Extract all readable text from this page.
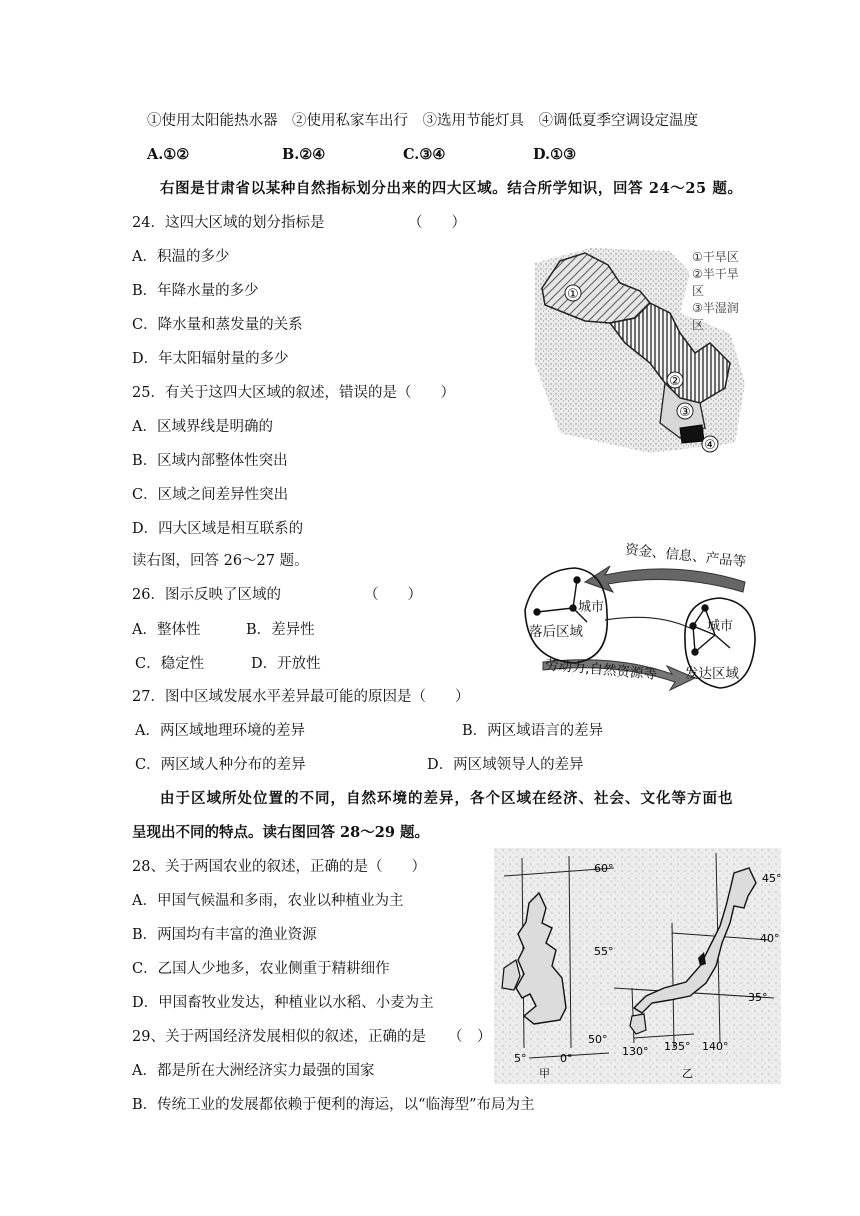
①使用太阳能热水器　②使用私家车出行　③选用节能灯具　④调低夏季空调设定温度
A.①②	B.②④	C.③④	D.①③
右图是甘肃省以某种自然指标划分出来的四大区域。结合所学知识，回答 24～25 题。
24．这四大区域的划分指标是	（　　）
A．积温的多少
B．年降水量的多少
C．降水量和蒸发量的关系
D．年太阳辐射量的多少
25．有关于这四大区域的叙述，错误的是（　　）
A．区域界线是明确的
B．区域内部整体性突出
C．区域之间差异性突出
D．四大区域是相互联系的
读右图，回答 26～27 题。
26．图示反映了区域的	（　　）
A．整体性	B．差异性
C．稳定性	D．开放性
27．图中区域发展水平差异最可能的原因是（　　）
A．两区域地理环境的差异	B．两区域语言的差异
C．两区域人种分布的差异	D．两区域领导人的差异
由于区域所处位置的不同，自然环境的差异，各个区域在经济、社会、文化等方面也
呈现出不同的特点。读右图回答 28～29 题。
28、关于两国农业的叙述，正确的是（　　）
A．甲国气候温和多雨，农业以种植业为主
B．两国均有丰富的渔业资源
C．乙国人少地多，农业侧重于精耕细作
D．甲国畜牧业发达，种植业以水稻、小麦为主
29、关于两国经济发展相似的叙述，正确的是 （　）
A．都是所在大洲经济实力最强的国家
B．传统工业的发展都依赖于便利的海运，以“临海型”布局为主
①
②
③
④
①干旱区
②半干旱
区
③半湿润
区
资金、信息、产品等
劳动力,自然资源等
城市
落后区域	城市
发达区域
60°
55°
50°
45°
40°
35°
5°	0°
130° 135° 140°
甲	乙
